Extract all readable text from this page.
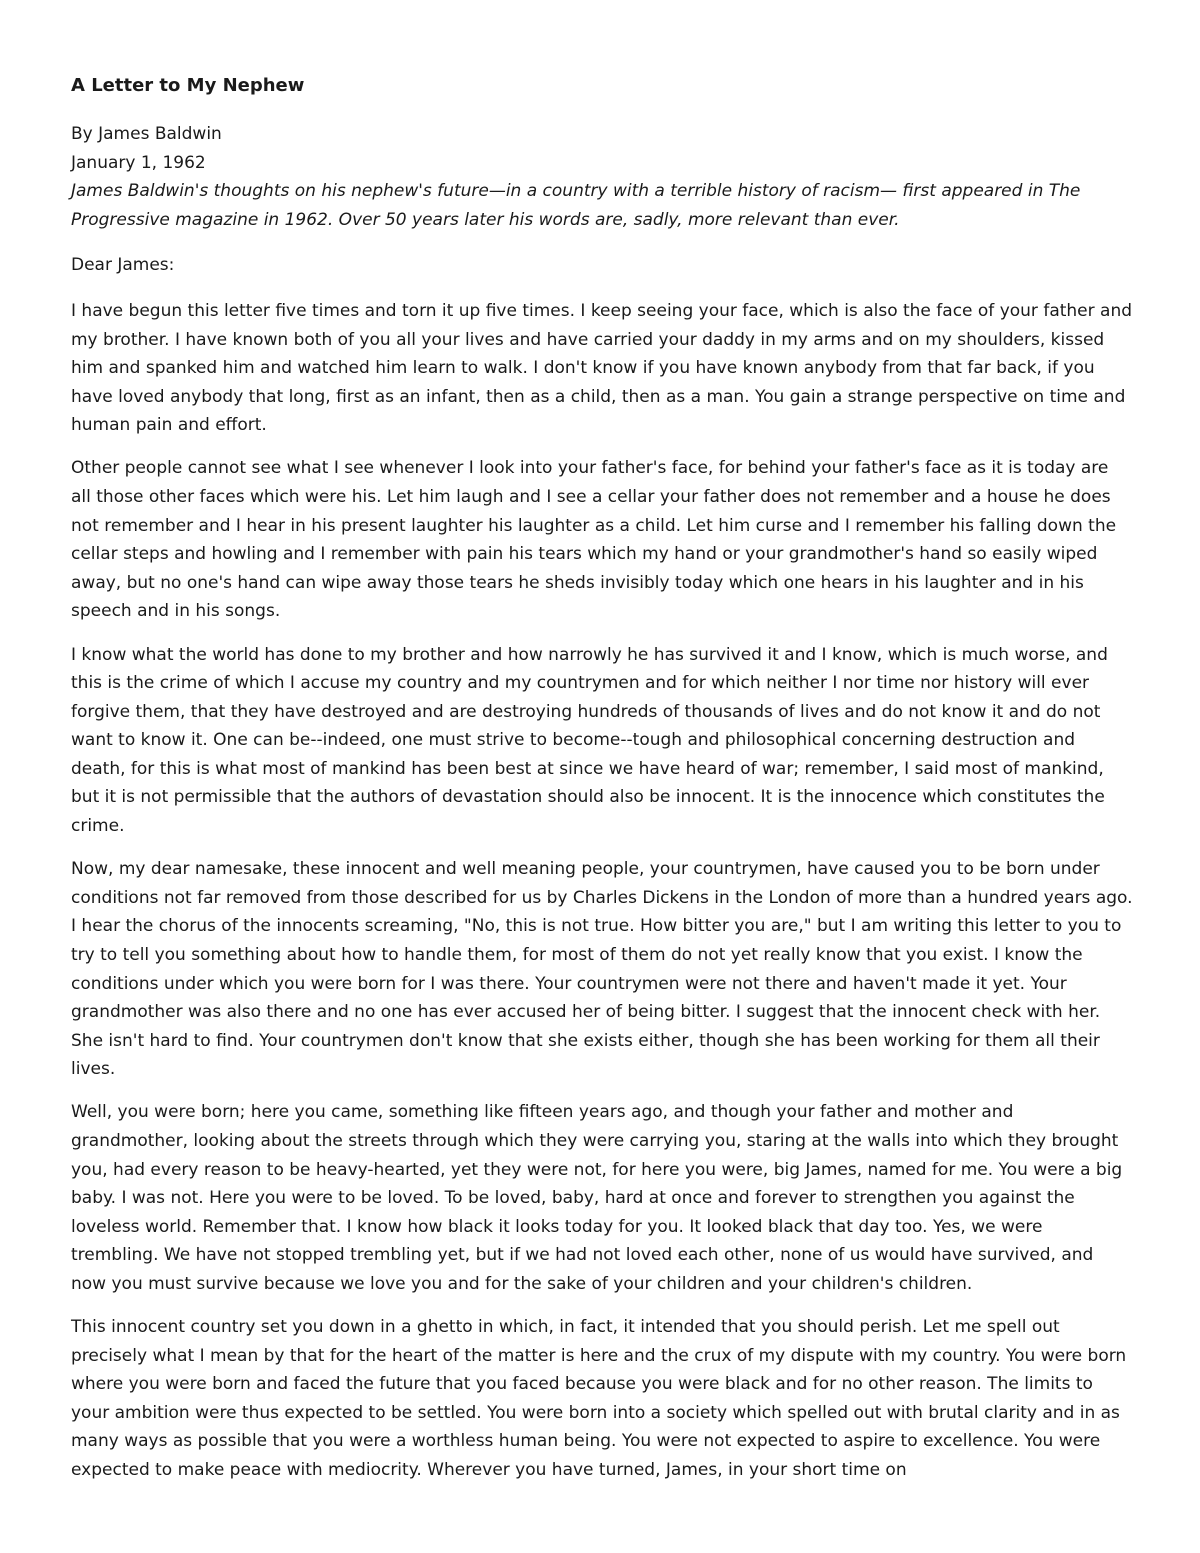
A Letter to My Nephew

By James Baldwin

January 1, 1962

James Baldwin's thoughts on his nephew's future—in a country with a terrible history of racism— first appeared in The Progressive magazine in 1962. Over 50 years later his words are, sadly, more relevant than ever.

Dear James:

I have begun this letter five times and torn it up five times. I keep seeing your face, which is also the face of your father and my brother. I have known both of you all your lives and have carried your daddy in my arms and on my shoulders, kissed him and spanked him and watched him learn to walk. I don't know if you have known anybody from that far back, if you have loved anybody that long, first as an infant, then as a child, then as a man. You gain a strange perspective on time and human pain and effort.

Other people cannot see what I see whenever I look into your father's face, for behind your father's face as it is today are all those other faces which were his. Let him laugh and I see a cellar your father does not remember and a house he does not remember and I hear in his present laughter his laughter as a child. Let him curse and I remember his falling down the cellar steps and howling and I remember with pain his tears which my hand or your grandmother's hand so easily wiped away, but no one's hand can wipe away those tears he sheds invisibly today which one hears in his laughter and in his speech and in his songs.

I know what the world has done to my brother and how narrowly he has survived it and I know, which is much worse, and this is the crime of which I accuse my country and my countrymen and for which neither I nor time nor history will ever forgive them, that they have destroyed and are destroying hundreds of thousands of lives and do not know it and do not want to know it. One can be--indeed, one must strive to become--tough and philosophical concerning destruction and death, for this is what most of mankind has been best at since we have heard of war; remember, I said most of mankind, but it is not permissible that the authors of devastation should also be innocent. It is the innocence which constitutes the crime.

Now, my dear namesake, these innocent and well meaning people, your countrymen, have caused you to be born under conditions not far removed from those described for us by Charles Dickens in the London of more than a hundred years ago. I hear the chorus of the innocents screaming, "No, this is not true. How bitter you are," but I am writing this letter to you to try to tell you something about how to handle them, for most of them do not yet really know that you exist. I know the conditions under which you were born for I was there. Your countrymen were not there and haven't made it yet. Your grandmother was also there and no one has ever accused her of being bitter. I suggest that the innocent check with her. She isn't hard to find. Your countrymen don't know that she exists either, though she has been working for them all their lives.

Well, you were born; here you came, something like fifteen years ago, and though your father and mother and grandmother, looking about the streets through which they were carrying you, staring at the walls into which they brought you, had every reason to be heavy-hearted, yet they were not, for here you were, big James, named for me. You were a big baby. I was not. Here you were to be loved. To be loved, baby, hard at once and forever to strengthen you against the loveless world. Remember that. I know how black it looks today for you. It looked black that day too. Yes, we were trembling. We have not stopped trembling yet, but if we had not loved each other, none of us would have survived, and now you must survive because we love you and for the sake of your children and your children's children.

This innocent country set you down in a ghetto in which, in fact, it intended that you should perish. Let me spell out precisely what I mean by that for the heart of the matter is here and the crux of my dispute with my country. You were born where you were born and faced the future that you faced because you were black and for no other reason. The limits to your ambition were thus expected to be settled. You were born into a society which spelled out with brutal clarity and in as many ways as possible that you were a worthless human being. You were not expected to aspire to excellence. You were expected to make peace with mediocrity. Wherever you have turned, James, in your short time on
